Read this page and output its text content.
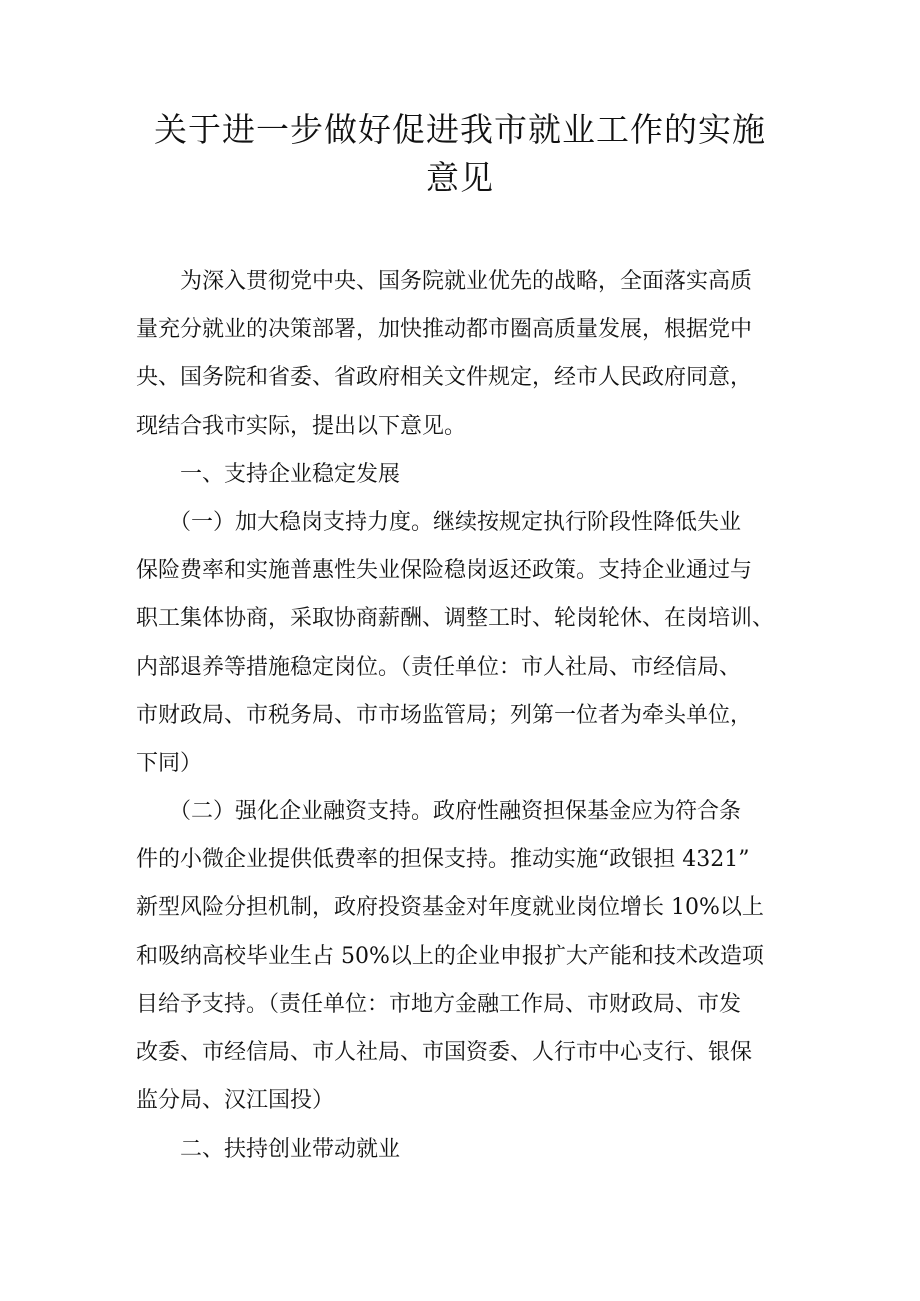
关于进一步做好促进我市就业工作的实施
意见
　　为深入贯彻党中央、国务院就业优先的战略，全面落实高质
量充分就业的决策部署，加快推动都市圈高质量发展，根据党中
央、国务院和省委、省政府相关文件规定，经市人民政府同意，
现结合我市实际，提出以下意见。
　　一、支持企业稳定发展
　　（一）加大稳岗支持力度。继续按规定执行阶段性降低失业
保险费率和实施普惠性失业保险稳岗返还政策。支持企业通过与
职工集体协商，采取协商薪酬、调整工时、轮岗轮休、在岗培训、
内部退养等措施稳定岗位。（责任单位：市人社局、市经信局、
市财政局、市税务局、市市场监管局；列第一位者为牵头单位，
下同）
　　（二）强化企业融资支持。政府性融资担保基金应为符合条
件的小微企业提供低费率的担保支持。推动实施“政银担 4321”
新型风险分担机制，政府投资基金对年度就业岗位增长 10%以上
和吸纳高校毕业生占 50%以上的企业申报扩大产能和技术改造项
目给予支持。（责任单位：市地方金融工作局、市财政局、市发
改委、市经信局、市人社局、市国资委、人行市中心支行、银保
监分局、汉江国投）
　　二、扶持创业带动就业
